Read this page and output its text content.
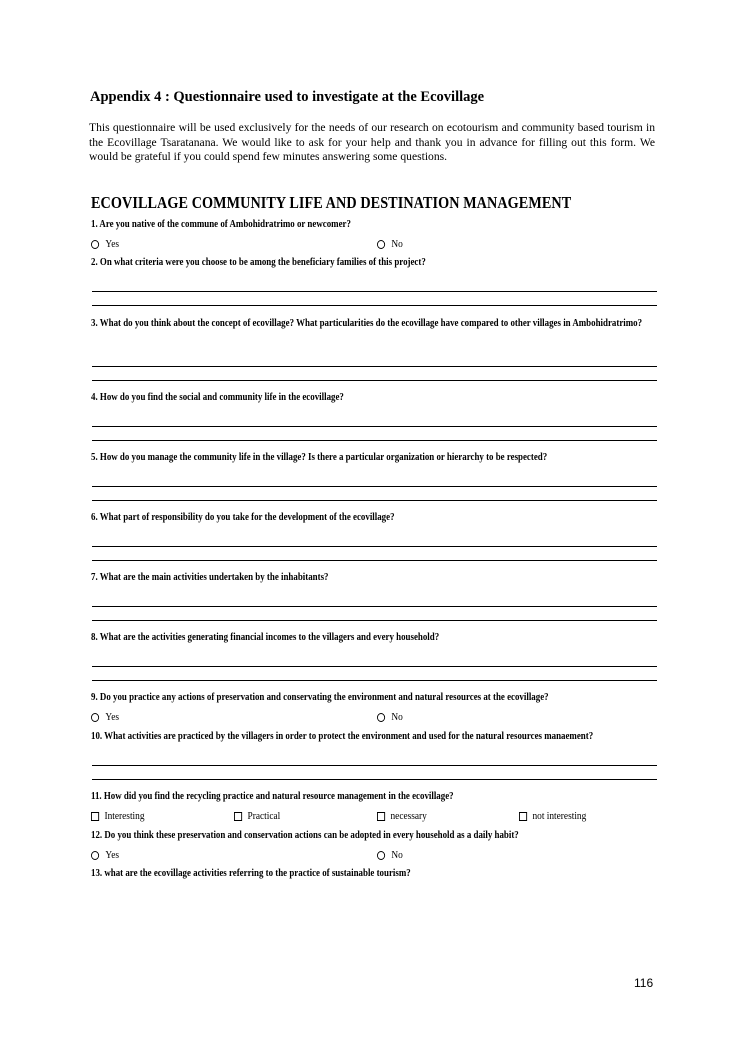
Appendix 4 : Questionnaire used to investigate at the Ecovillage
This questionnaire will be used exclusively for the needs of our research on ecotourism and community based tourism in the Ecovillage Tsaratanana. We would like to ask for your help and thank you in advance for filling out this form. We would be grateful if you could spend few minutes answering some questions.
ECOVILLAGE COMMUNITY LIFE AND DESTINATION MANAGEMENT
1. Are you native of the commune of Ambohidratrimo or newcomer?
Yes	No
2. On what criteria were you choose to be among the beneficiary families of this project?
3. What do you think about the concept of ecovillage? What particularities do the ecovillage have compared to other villages in Ambohidratrimo?
4. How do you find the social and community life in the ecovillage?
5. How do you manage the community life in the village? Is there a particular organization or hierarchy to be respected?
6. What part of responsibility do you take for the development of the ecovillage?
7. What are the main activities undertaken by the inhabitants?
8. What are the activities generating financial incomes to the villagers and every household?
9. Do you practice any actions of preservation and conservating the environment and natural resources at the ecovillage?
Yes	No
10. What activities are practiced by the villagers in order to protect the environment and used for the natural resources manaement?
11. How did you find the recycling practice and natural resource management in the ecovillage?
Interesting	Practical	necessary	not interesting
12. Do you think these preservation and conservation actions can be adopted in every household as a daily habit?
Yes	No
13. what are the ecovillage activities referring to the practice of sustainable tourism?
116
